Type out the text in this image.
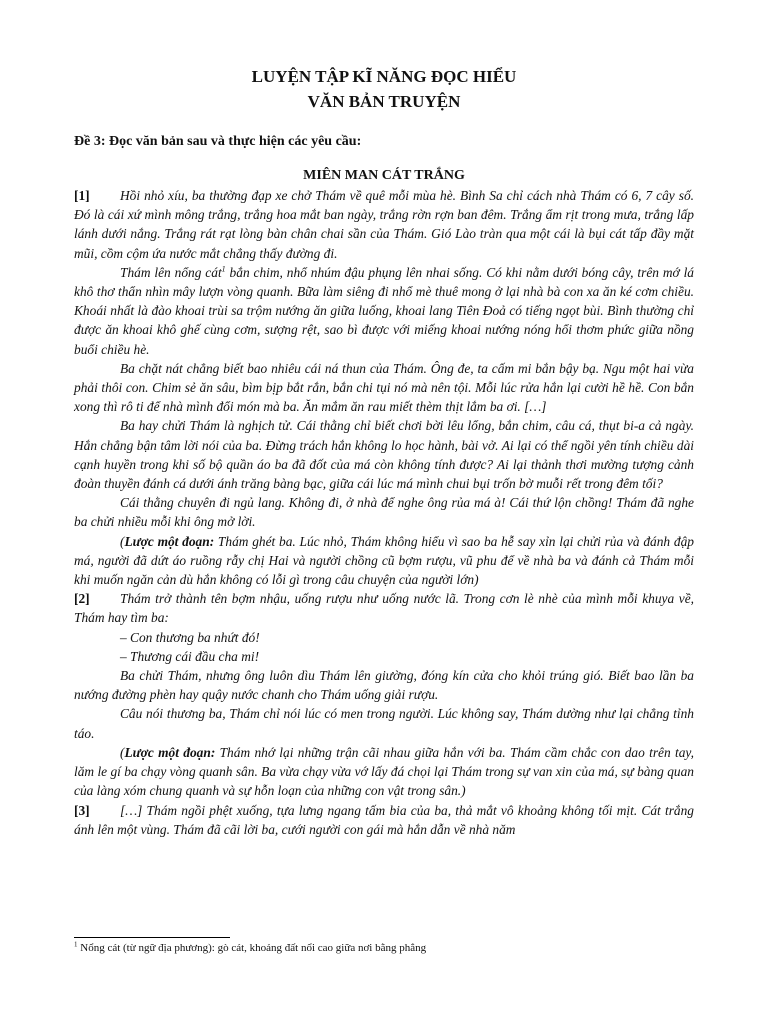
LUYỆN TẬP KĨ NĂNG ĐỌC HIỂU
VĂN BẢN TRUYỆN
Đề 3: Đọc văn bản sau và thực hiện các yêu cầu:
MIÊN MAN CÁT TRẮNG

[1] Hồi nhỏ xíu, ba thường đạp xe chở Thám về quê mỗi mùa hè. Bình Sa chỉ cách nhà Thám có 6, 7 cây số. Đó là cái xứ mình mông trắng, trắng hoa mắt ban ngày, trắng rờn rợn ban đêm. Trắng ẩm rịt trong mưa, trắng lấp lánh dưới nắng. Trắng rát rạt lòng bàn chân chai sần của Thám. Gió Lào tràn qua một cái là bụi cát tấp đầy mặt mũi, cồm cộm ứa nước mắt chẳng thấy đường đi.

Thám lên nổng cát$^1$ bắn chim, nhổ nhúm đậu phụng lên nhai sống. Có khi nằm dưới bóng cây, trên mớ lá khô thơ thẩn nhìn mây lượn vòng quanh. Bữa làm siêng đi nhổ mè thuê mong ở lại nhà bà con xa ăn ké cơm chiều. Khoái nhất là đào khoai trùi sa trộm nướng ăn giữa luống, khoai lang Tiên Đoả có tiếng ngọt bùi. Bình thường chỉ được ăn khoai khô ghế cùng cơm, sượng rệt, sao bì được với miếng khoai nướng nóng hổi thơm phức giữa nồng buổi chiều hè.

Ba chặt nát chẳng biết bao nhiêu cái ná thun của Thám. Ông đe, ta cấm mi bắn bậy bạ. Ngu một hai vừa phải thôi con. Chim sẻ ăn sâu, bìm bịp bắt rắn, bắn chi tụi nó mà nên tội. Mỗi lúc rửa hắn lại cười hề hề. Con bắn xong thì rô ti để nhà mình đổi món mà ba. Ăn mắm ăn rau miết thèm thịt lắm ba ơi. […]

Ba hay chửi Thám là nghịch tử. Cái thằng chỉ biết chơi bời lêu lổng, bắn chim, câu cá, thụt bi-a cả ngày. Hắn chẳng bận tâm lời nói của ba. Đừng trách hắn không lo học hành, bài vở. Ai lại có thể ngồi yên tính chiều dài cạnh huyền trong khi số bộ quần áo ba đã đốt của má còn không tính được? Ai lại thảnh thơi mường tượng cảnh đoàn thuyền đánh cá dưới ánh trăng bàng bạc, giữa cái lúc má mình chui bụi trốn bờ muỗi rết trong đêm tối?

Cái thằng chuyên đi ngủ lang. Không đi, ở nhà để nghe ông rủa má à! Cái thứ lộn chồng! Thám đã nghe ba chửi nhiều mỗi khi ông mở lời.

(Lược một đoạn: Thám ghét ba. Lúc nhỏ, Thám không hiểu vì sao ba hễ say xỉn lại chửi rủa và đánh đập má, người đã dứt áo ruồng rẫy chị Hai và người chồng cũ bợm rượu, vũ phu để về nhà ba và đánh cả Thám mỗi khi muốn ngăn cản dù hắn không có lỗi gì trong câu chuyện của người lớn)

[2] Thám trở thành tên bợm nhậu, uống rượu như uống nước lã. Trong cơn lè nhè của mình mỗi khuya về, Thám hay tìm ba:

– Con thương ba nhứt đó!

– Thương cái đầu cha mi!

Ba chửi Thám, nhưng ông luôn dìu Thám lên giường, đóng kín cửa cho khỏi trúng gió. Biết bao lần ba nướng đường phèn hay quậy nước chanh cho Thám uống giải rượu.

Câu nói thương ba, Thám chỉ nói lúc có men trong người. Lúc không say, Thám dường như lại chẳng tỉnh táo.

(Lược một đoạn: Thám nhớ lại những trận cãi nhau giữa hắn với ba. Thám cầm chắc con dao trên tay, lăm le gí ba chạy vòng quanh sân. Ba vừa chạy vừa vớ lấy đá chọi lại Thám trong sự van xin của má, sự bàng quan của làng xóm chung quanh và sự hỗn loạn của những con vật trong sân.)

[3] […] Thám ngồi phệt xuống, tựa lưng ngang tấm bia của ba, thả mắt vô khoảng không tối mịt. Cát trắng ánh lên một vùng. Thám đã cãi lời ba, cưới người con gái mà hắn dẫn về nhà năm

$^1$ Nổng cát (từ ngữ địa phương): gò cát, khoảng đất nổi cao giữa nơi bằng phẳng
